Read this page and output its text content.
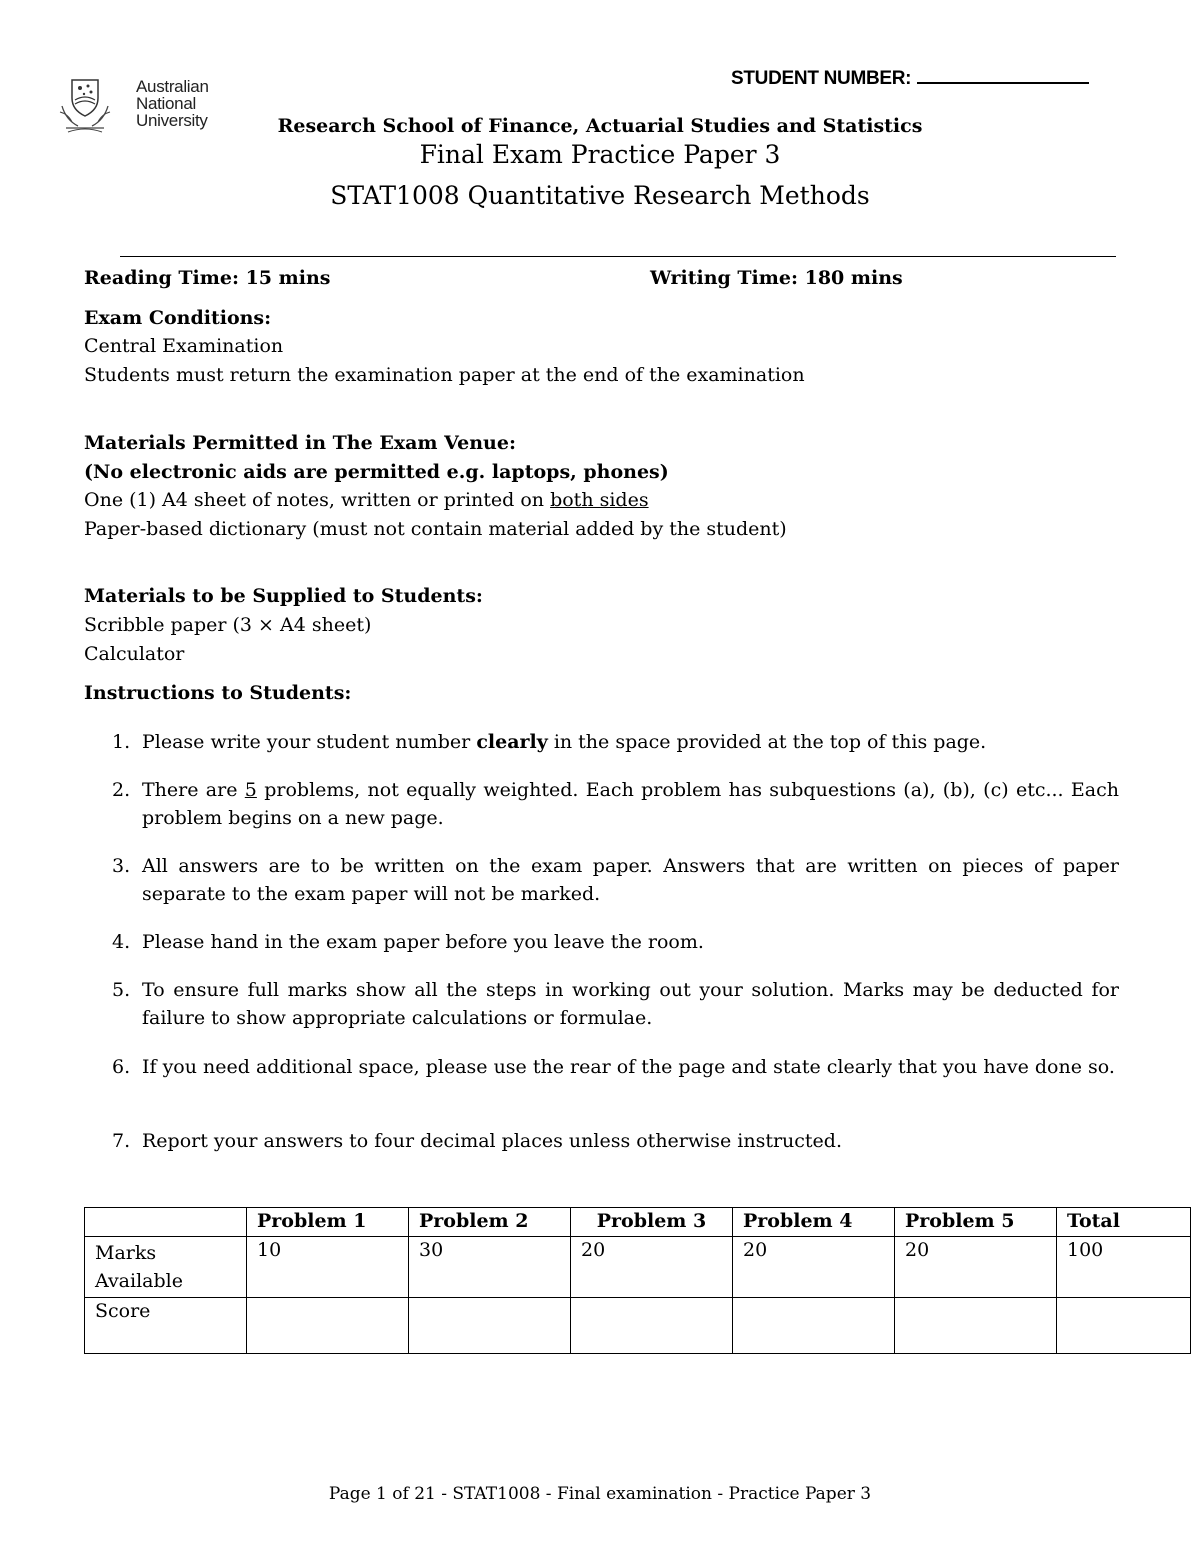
STUDENT NUMBER:
Australian
National
University	Research School of Finance, Actuarial Studies and Statistics
Final Exam Practice Paper 3
STAT1008 Quantitative Research Methods
Reading Time: 15 mins	Writing Time: 180 mins
Exam Conditions:
Central Examination
Students must return the examination paper at the end of the examination
Materials Permitted in The Exam Venue:
(No electronic aids are permitted e.g. laptops, phones)
One (1) A4 sheet of notes, written or printed on both sides
Paper-based dictionary (must not contain material added by the student)
Materials to be Supplied to Students:
Scribble paper (3 × A4 sheet)
Calculator
Instructions to Students:
1. Please write your student number clearly in the space provided at the top of this page.
2. There are 5 problems, not equally weighted. Each problem has subquestions (a), (b), (c) etc... Each problem begins on a new page.
3. All answers are to be written on the exam paper. Answers that are written on pieces of paper separate to the exam paper will not be marked.
4. Please hand in the exam paper before you leave the room.
5. To ensure full marks show all the steps in working out your solution. Marks may be deducted for failure to show appropriate calculations or formulae.
6. If you need additional space, please use the rear of the page and state clearly that you have done so.
7. Report your answers to four decimal places unless otherwise instructed.
	Problem 1	Problem 2	Problem 3	Problem 4	Problem 5	Total
Marks Available	10	30	20	20	20	100
Score						
Page 1 of 21 - STAT1008 - Final examination - Practice Paper 3
